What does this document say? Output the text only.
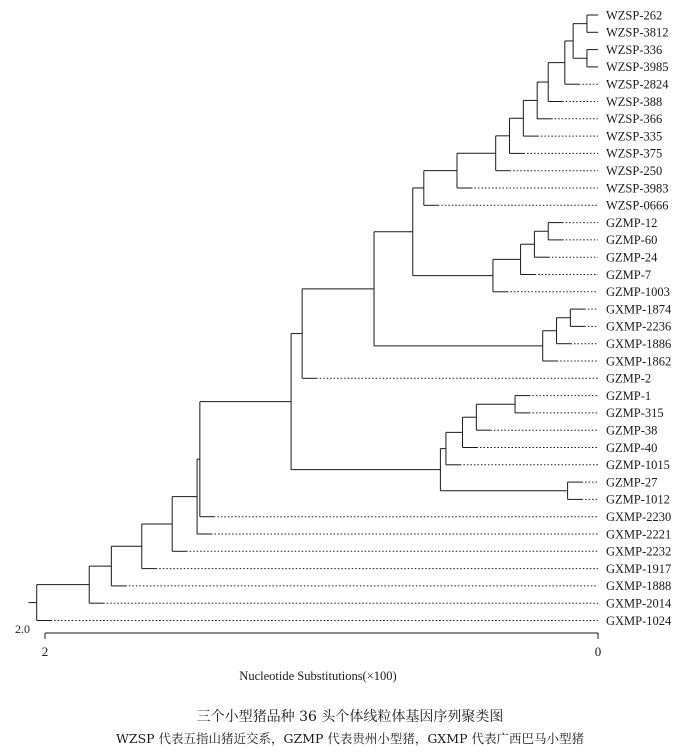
WZSP-262
WZSP-3812
WZSP-336
WZSP-3985
WZSP-2824
WZSP-388
WZSP-366
WZSP-335
WZSP-375
WZSP-250
WZSP-3983
WZSP-0666
GZMP-12
GZMP-60
GZMP-24
GZMP-7
GZMP-1003
GXMP-1874
GXMP-2236
GXMP-1886
GXMP-1862
GZMP-2
GZMP-1
GZMP-315
GZMP-38
GZMP-40
GZMP-1015
GZMP-27
GZMP-1012
GXMP-2230
GXMP-2221
GXMP-2232
GXMP-1917
GXMP-1888
GXMP-2014
GXMP-1024
2	0
2.0
Nucleotide Substitutions(×100)
三个小型猪品种 36 头个体线粒体基因序列聚类图
WZSP 代表五指山猪近交系，GZMP 代表贵州小型猪，GXMP 代表广西巴马小型猪
